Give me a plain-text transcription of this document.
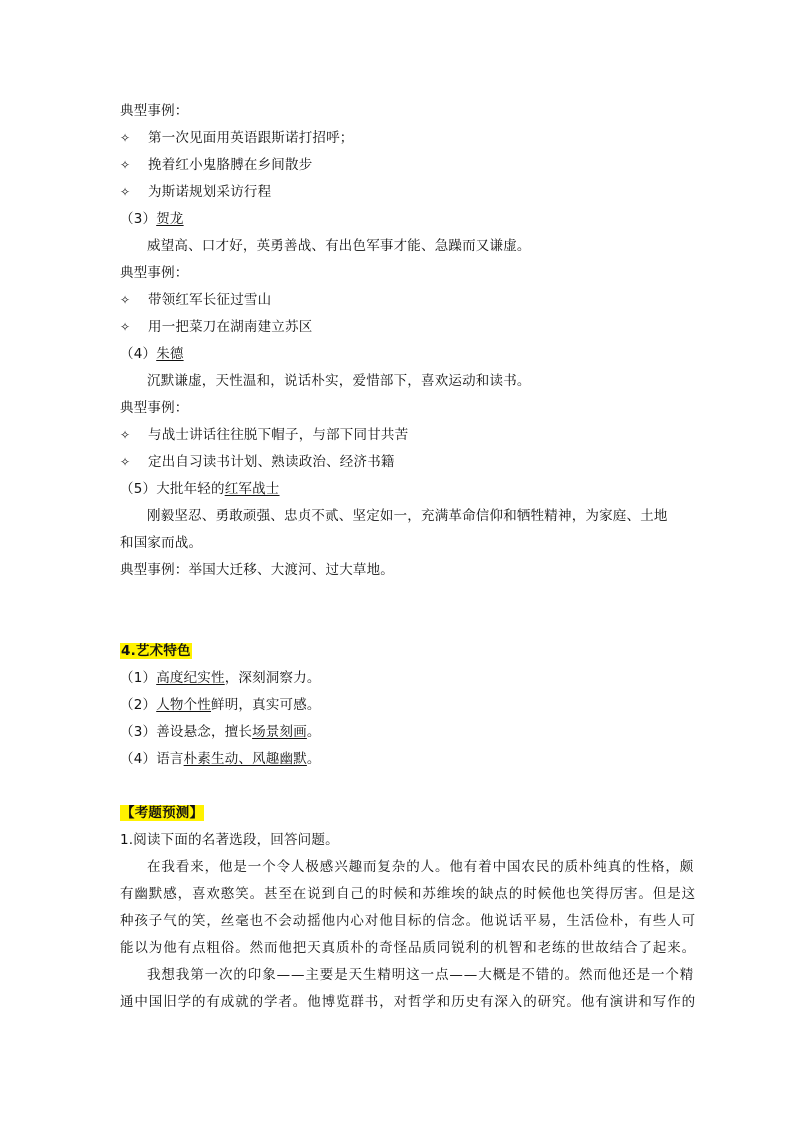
典型事例：
✧ 第一次见面用英语跟斯诺打招呼；
✧ 挽着红小鬼胳膊在乡间散步
✧ 为斯诺规划采访行程
（3）贺龙
威望高、口才好，英勇善战、有出色军事才能、急躁而又谦虚。
典型事例：
✧ 带领红军长征过雪山
✧ 用一把菜刀在湖南建立苏区
（4）朱德
沉默谦虚，天性温和，说话朴实，爱惜部下，喜欢运动和读书。
典型事例：
✧ 与战士讲话往往脱下帽子，与部下同甘共苦
✧ 定出自习读书计划、熟读政治、经济书籍
（5）大批年轻的红军战士
刚毅坚忍、勇敢顽强、忠贞不贰、坚定如一，充满革命信仰和牺牲精神，为家庭、土地
和国家而战。
典型事例：举国大迁移、大渡河、过大草地。
4.艺术特色
（1）高度纪实性，深刻洞察力。
（2）人物个性鲜明，真实可感。
（3）善设悬念，擅长场景刻画。
（4）语言朴素生动、风趣幽默。
【考题预测】
1.阅读下面的名著选段，回答问题。
在我看来，他是一个令人极感兴趣而复杂的人。他有着中国农民的质朴纯真的性格，颇
有幽默感，喜欢憨笑。甚至在说到自己的时候和苏维埃的缺点的时候他也笑得厉害。但是这
种孩子气的笑，丝毫也不会动摇他内心对他目标的信念。他说话平易，生活俭朴，有些人可
能以为他有点粗俗。然而他把天真质朴的奇怪品质同锐利的机智和老练的世故结合了起来。
我想我第一次的印象——主要是天生精明这一点——大概是不错的。然而他还是一个精
通中国旧学的有成就的学者。他博览群书，对哲学和历史有深入的研究。他有演讲和写作的
